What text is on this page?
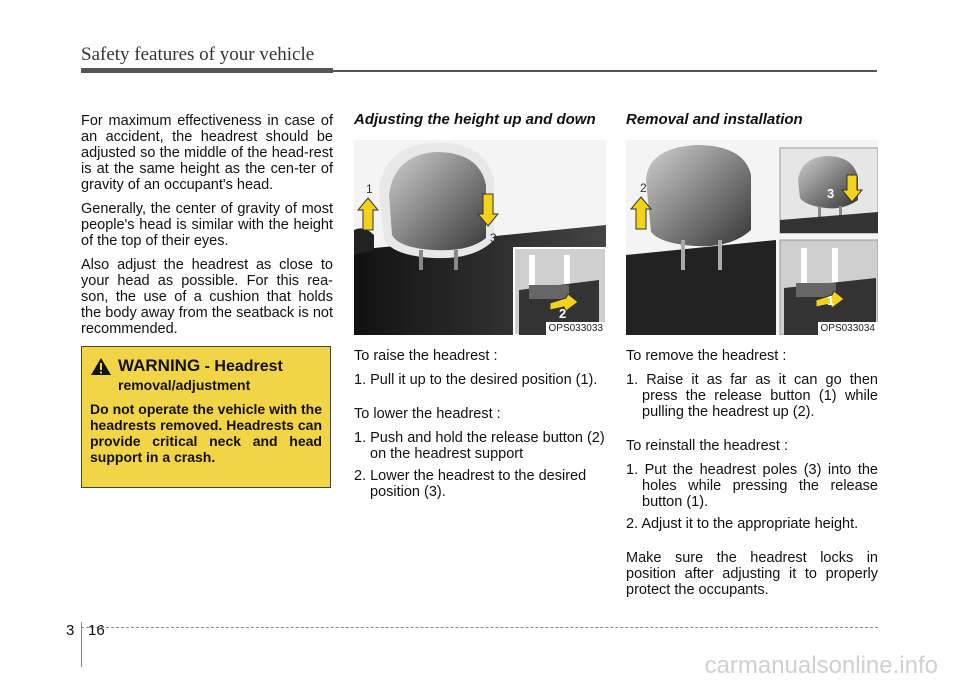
Safety features of your vehicle

For maximum effectiveness in case of an accident, the headrest should be adjusted so the middle of the head-rest is at the same height as the cen-ter of gravity of an occupant's head.

Generally, the center of gravity of most people's head is similar with the height of the top of their eyes.

Also adjust the headrest as close to your head as possible. For this rea-son, the use of a cushion that holds the body away from the seatback is not recommended.

WARNING - Headrest
removal/adjustment
Do not operate the vehicle with the headrests removed. Headrests can provide critical neck and head support in a crash.
Adjusting the height up and down
1
2
3
OPS033033

To raise the headrest :

1. Pull it up to the desired position (1).

To lower the headrest :

1. Push and hold the release button (2) on the headrest support
2. Lower the headrest to the desired position (3).
Removal and installation
1
2	3
OPS033034

To remove the headrest :

1. Raise it as far as it can go then press the release button (1) while pulling the headrest up (2).

To reinstall the headrest :

1. Put the headrest poles (3) into the holes while pressing the release button (1).
2. Adjust it to the appropriate height.

Make sure the headrest locks in position after adjusting it to properly protect the occupants.

3 16
carmanualsonline.info
